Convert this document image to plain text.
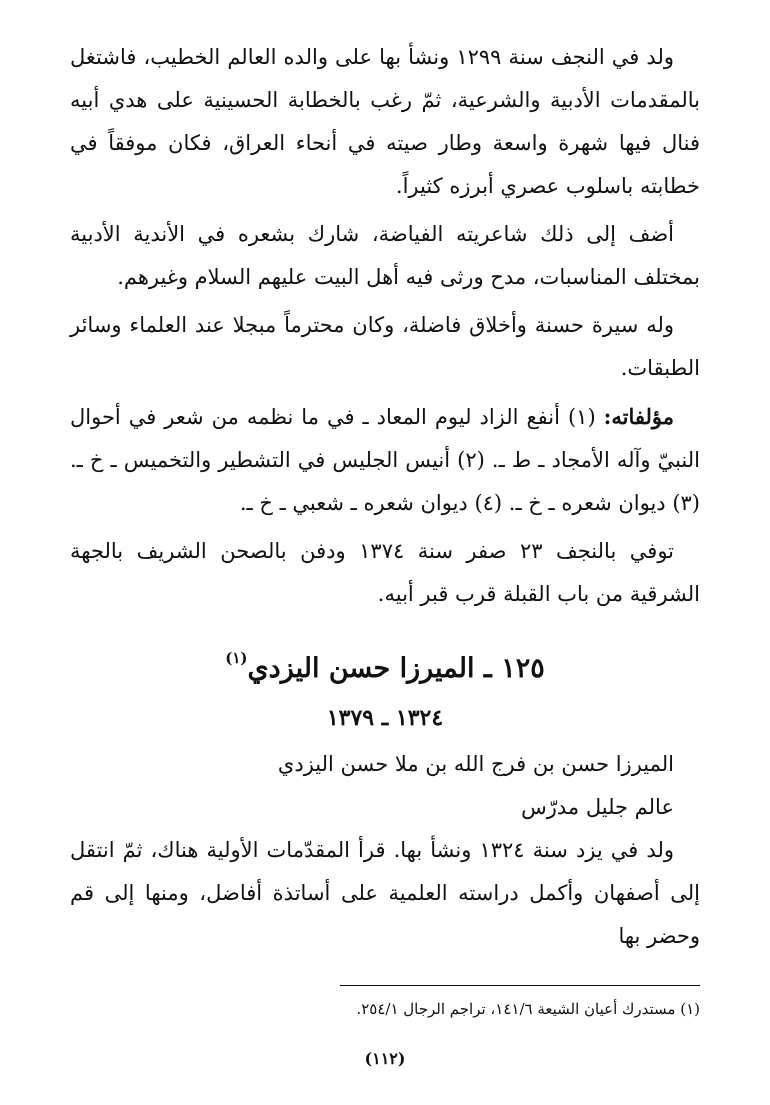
ولد في النجف سنة ١٢٩٩ ونشأ بها على والده العالم الخطيب، فاشتغل بالمقدمات الأدبية والشرعية، ثمّ رغب بالخطابة الحسينية على هدي أبيه فنال فيها شهرة واسعة وطار صيته في أنحاء العراق، فكان موفقاً في خطابته باسلوب عصري أبرزه كثيراً.

أضف إلى ذلك شاعريته الفياضة، شارك بشعره في الأندية الأدبية بمختلف المناسبات، مدح ورثى فيه أهل البيت عليهم السلام وغيرهم.

وله سيرة حسنة وأخلاق فاضلة، وكان محترماً مبجلا عند العلماء وسائر الطبقات.

مؤلفاته: (١) أنفع الزاد ليوم المعاد ـ في ما نظمه من شعر في أحوال النبيّ وآله الأمجاد ـ ط ـ. (٢) أنيس الجليس في التشطير والتخميس ـ خ ـ. (٣) ديوان شعره ـ خ ـ. (٤) ديوان شعره ـ شعبي ـ خ ـ.

توفي بالنجف ٢٣ صفر سنة ١٣٧٤ ودفن بالصحن الشريف بالجهة الشرقية من باب القبلة قرب قبر أبيه.

١٢٥ ـ الميرزا حسن اليزدي$^{(١)}$

١٣٢٤ ـ ١٣٧٩

الميرزا حسن بن فرج الله بن ملا حسن اليزدي

عالم جليل مدرّس

ولد في يزد سنة ١٣٢٤ ونشأ بها. قرأ المقدّمات الأولية هناك، ثمّ انتقل إلى أصفهان وأكمل دراسته العلمية على أساتذة أفاضل، ومنها إلى قم وحضر بها

(١) مستدرك أعيان الشيعة ١٤١/٦، تراجم الرجال ٢٥٤/١.

(١١٢)
